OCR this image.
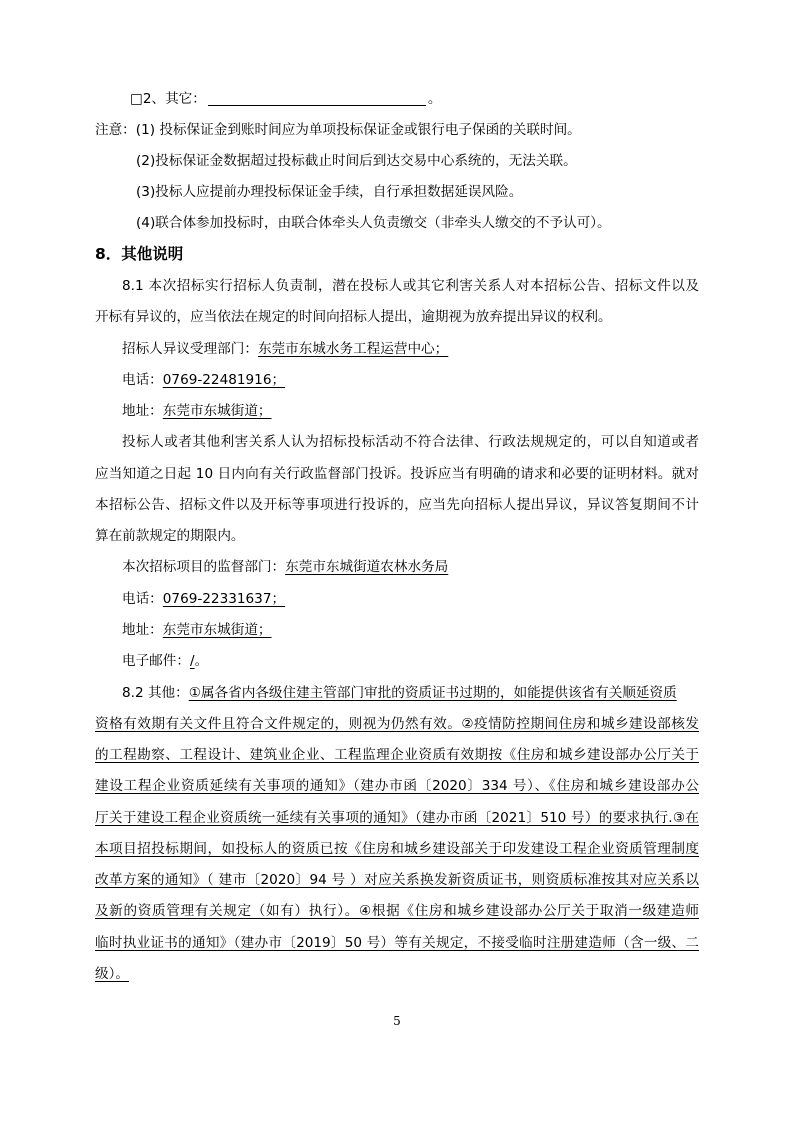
□2、其它：	。
注意：(1) 投标保证金到账时间应为单项投标保证金或银行电子保函的关联时间。
(2)投标保证金数据超过投标截止时间后到达交易中心系统的，无法关联。
(3)投标人应提前办理投标保证金手续，自行承担数据延误风险。
(4)联合体参加投标时，由联合体牵头人负责缴交（非牵头人缴交的不予认可）。
8．其他说明
8.1 本次招标实行招标人负责制，潜在投标人或其它利害关系人对本招标公告、招标文件以及
开标有异议的，应当依法在规定的时间向招标人提出，逾期视为放弃提出异议的权利。
招标人异议受理部门：东莞市东城水务工程运营中心；
电话：0769-22481916；
地址：东莞市东城街道；
投标人或者其他利害关系人认为招标投标活动不符合法律、行政法规规定的，可以自知道或者
应当知道之日起 10 日内向有关行政监督部门投诉。投诉应当有明确的请求和必要的证明材料。就对
本招标公告、招标文件以及开标等事项进行投诉的，应当先向招标人提出异议，异议答复期间不计
算在前款规定的期限内。
本次招标项目的监督部门：东莞市东城街道农林水务局
电话：0769-22331637；
地址：东莞市东城街道；
电子邮件：/。
8.2 其他：①属各省内各级住建主管部门审批的资质证书过期的，如能提供该省有关顺延资质
资格有效期有关文件且符合文件规定的，则视为仍然有效。②疫情防控期间住房和城乡建设部核发
的工程勘察、工程设计、建筑业企业、工程监理企业资质有效期按《住房和城乡建设部办公厅关于
建设工程企业资质延续有关事项的通知》（建办市函〔2020〕334 号）、《住房和城乡建设部办公
厅关于建设工程企业资质统一延续有关事项的通知》（建办市函〔2021〕510 号）的要求执行.③在
本项目招投标期间，如投标人的资质已按《住房和城乡建设部关于印发建设工程企业资质管理制度
改革方案的通知》（ 建市〔2020〕94 号 ）对应关系换发新资质证书，则资质标准按其对应关系以
及新的资质管理有关规定（如有）执行）。④根据《住房和城乡建设部办公厅关于取消一级建造师
临时执业证书的通知》（建办市〔2019〕50 号）等有关规定，不接受临时注册建造师（含一级、二
级）。
5
